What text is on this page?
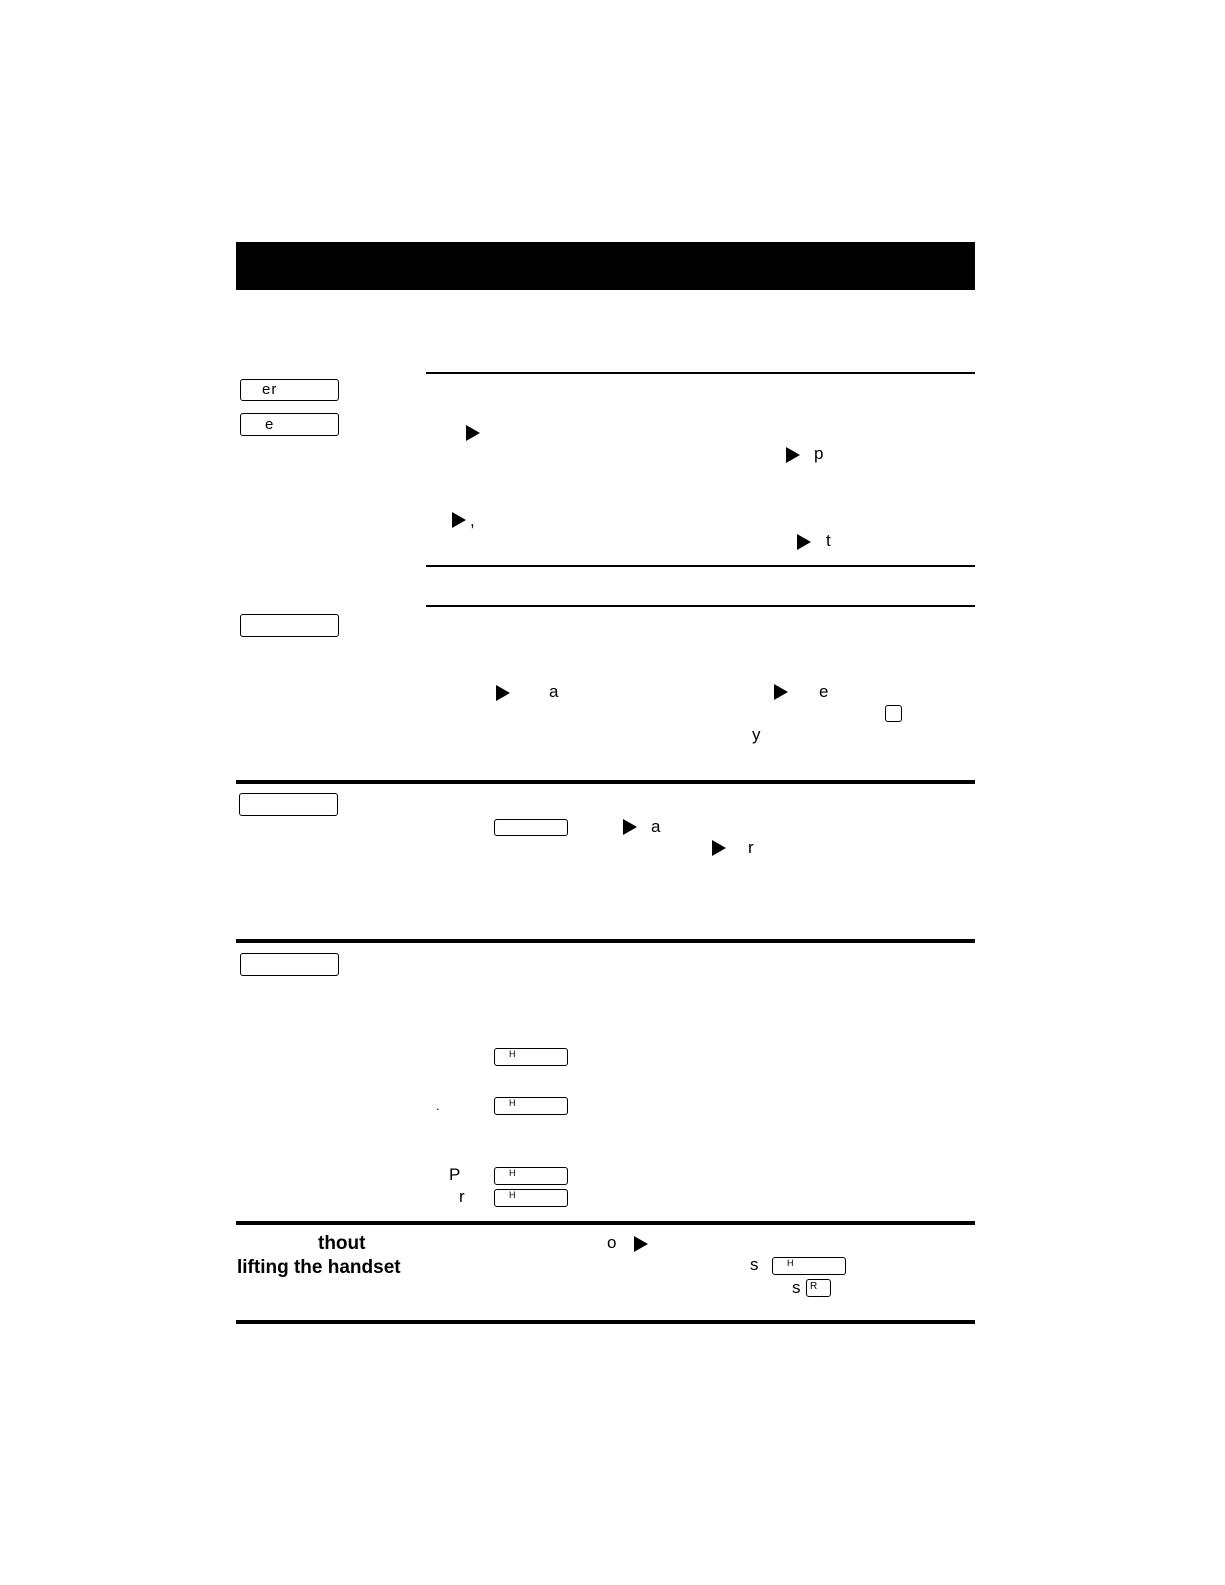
er
e
p
,
t
a	e
y
a
r
H
.	H
P	H
r	H
thout
lifting the handset
o
s	H
s R
